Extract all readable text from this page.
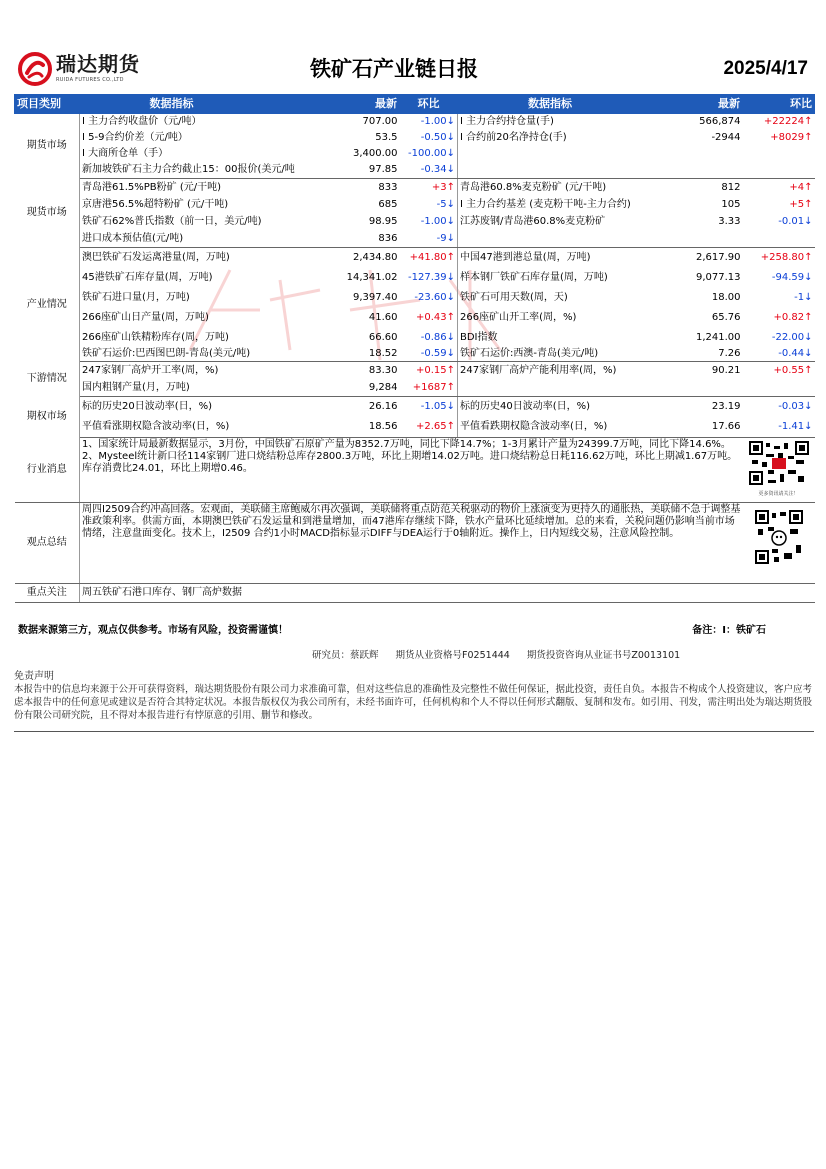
瑞达期货
RUIDA FUTURES CO.,LTD	铁矿石产业链日报	2025/4/17
项目类别	数据指标	最新	环比	数据指标	最新	环比
期货市场	I 主力合约收盘价（元/吨）	707.00	-1.00↓	I 主力合约持仓量(手)	566,874	+22224↑
	I 5-9合约价差（元/吨）	53.5	-0.50↓	I 合约前20名净持仓(手)	-2944	+8029↑
	I 大商所仓单（手）	3,400.00	-100.00↓			
	新加坡铁矿石主力合约截止15：00报价(美元/吨	97.85	-0.34↓			
现货市场	青岛港61.5%PB粉矿 (元/干吨)	833	+3↑	青岛港60.8%麦克粉矿 (元/干吨)	812	+4↑
	京唐港56.5%超特粉矿 (元/干吨)	685	-5↓	I 主力合约基差 (麦克粉干吨-主力合约)	105	+5↑
	铁矿石62%普氏指数（前一日，美元/吨)	98.95	-1.00↓	江苏废钢/青岛港60.8%麦克粉矿	3.33	-0.01↓
	进口成本预估值(元/吨)	836	-9↓			
产业情况	澳巴铁矿石发运离港量(周，万吨)	2,434.80	+41.80↑	中国47港到港总量(周，万吨)	2,617.90	+258.80↑
	45港铁矿石库存量(周，万吨)	14,341.02	-127.39↓	样本钢厂铁矿石库存量(周，万吨)	9,077.13	-94.59↓
	铁矿石进口量(月，万吨)	9,397.40	-23.60↓	铁矿石可用天数(周，天)	18.00	-1↓
	266座矿山日产量(周，万吨)	41.60	+0.43↑	266座矿山开工率(周，%)	65.76	+0.82↑
	266座矿山铁精粉库存(周，万吨)	66.60	-0.86↓	BDI指数	1,241.00	-22.00↓
	铁矿石运价:巴西图巴朗-青岛(美元/吨)	18.52	-0.59↓	铁矿石运价:西澳-青岛(美元/吨)	7.26	-0.44↓
下游情况	247家钢厂高炉开工率(周，%)	83.30	+0.15↑	247家钢厂高炉产能利用率(周，%)	90.21	+0.55↑
	国内粗钢产量(月，万吨)	9,284	+1687↑			
期权市场	标的历史20日波动率(日，%)	26.16	-1.05↓	标的历史40日波动率(日，%)	23.19	-0.03↓
	平值看涨期权隐含波动率(日，%)	18.56	+2.65↑	平值看跌期权隐含波动率(日，%)	17.66	-1.41↓
行业消息	1、国家统计局最新数据显示，3月份，中国铁矿石原矿产量为8352.7万吨，同比下降14.7%；1-3月累计产量为24399.7万吨，同比下降14.6%。
2、Mysteel统计新口径114家钢厂进口烧结粉总库存2800.3万吨，环比上期增14.02万吨。进口烧结粉总日耗116.62万吨，环比上期减1.67万吨。库存消费比24.01，环比上期增0.46。					更多资讯请关注！

观点总结	周四I2509合约冲高回落。宏观面，美联储主席鲍威尔再次强调，美联储将重点防范关税驱动的物价上涨演变为更持久的通胀热，美联储不急于调整基准政策利率。供需方面，本期澳巴铁矿石发运量和到港量增加，而47港库存继续下降，铁水产量环比延续增加。总的来看，关税问题仍影响当前市场情绪，注意盘面变化。技术上，I2509 合约1小时MACD指标显示DIFF与DEA运行于0轴附近。操作上，日内短线交易，注意风险控制。	
重点关注	周五铁矿石港口库存、钢厂高炉数据					
数据来源第三方，观点仅供参考。市场有风险，投资需谨慎！	备注：I：铁矿石
研究员：蔡跃辉 期货从业资格号F0251444 期货投资咨询从业证书号Z0013101
免责声明
本报告中的信息均来源于公开可获得资料，瑞达期货股份有限公司力求准确可靠，但对这些信息的准确性及完整性不做任何保证，据此投资，责任自负。本报告不构成个人投资建议，客户应考虑本报告中的任何意见或建议是否符合其特定状况。本报告版权仅为我公司所有，未经书面许可，任何机构和个人不得以任何形式翻版、复制和发布。如引用、刊发，需注明出处为瑞达期货股份有限公司研究院，且不得对本报告进行有悖原意的引用、删节和修改。
